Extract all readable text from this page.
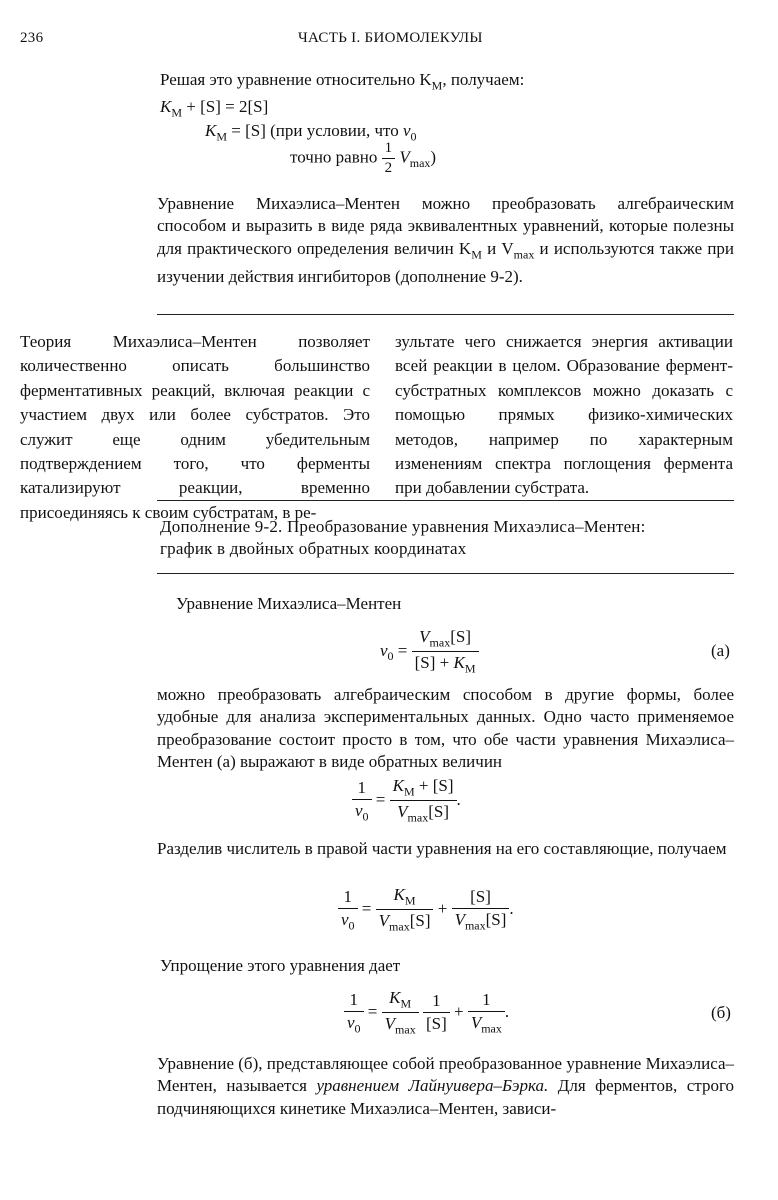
236	ЧАСТЬ I. БИОМОЛЕКУЛЫ
Решая это уравнение относительно $K_M$, получаем:
$K_M + [S] = 2[S]$
$K_M = [S]$ (при условии, что $v_0$
точно равно $\frac{1}{2} V_{max}$)
Уравнение Михаэлиса–Ментен можно преобразовать алгебраическим способом и выразить в виде ряда эквивалентных уравнений, которые полезны для практического определения величин $K_M$ и $V_{max}$ и используются также при изучении действия ингибиторов (дополнение 9-2).
Теория Михаэлиса–Ментен позволяет количественно описать большинство ферментативных реакций, включая реакции с участием двух или более субстратов. Это служит еще одним убедительным подтверждением того, что ферменты катализируют реакции, временно присоединяясь к своим субстратам, в ре-
зультате чего снижается энергия активации всей реакции в целом. Образование фермент-субстратных комплексов можно доказать с помощью прямых физико-химических методов, например по характерным изменениям спектра поглощения фермента при добавлении субстрата.
Дополнение 9-2. Преобразование уравнения Михаэлиса–Ментен:
график в двойных обратных координатах
Уравнение Михаэлиса–Ментен
$v_0 = \frac{V_{max}[S]}{[S] + K_M}$	(а)
можно преобразовать алгебраическим способом в другие формы, более удобные для анализа экспериментальных данных. Одно часто применяемое преобразование состоит просто в том, что обе части уравнения Михаэлиса–Ментен (а) выражают в виде обратных величин
$\frac{1}{v_0} = \frac{K_M + [S]}{V_{max}[S]}$ .
Разделив числитель в правой части уравнения на его составляющие, получаем
$\frac{1}{v_0} = \frac{K_M}{V_{max}[S]} + \frac{[S]}{V_{max}[S]}$ .
Упрощение этого уравнения дает
$\frac{1}{v_0} = \frac{K_M}{V_{max}}$
$\frac{1}{[S]} + \frac{1}{V_{max}}$ .	(б)
Уравнение (б), представляющее собой преобразованное уравнение Михаэлиса–Ментен, называется уравнением Лайнуивера–Бэрка. Для ферментов, строго подчиняющихся кинетике Михаэлиса–Ментен, зависи-
